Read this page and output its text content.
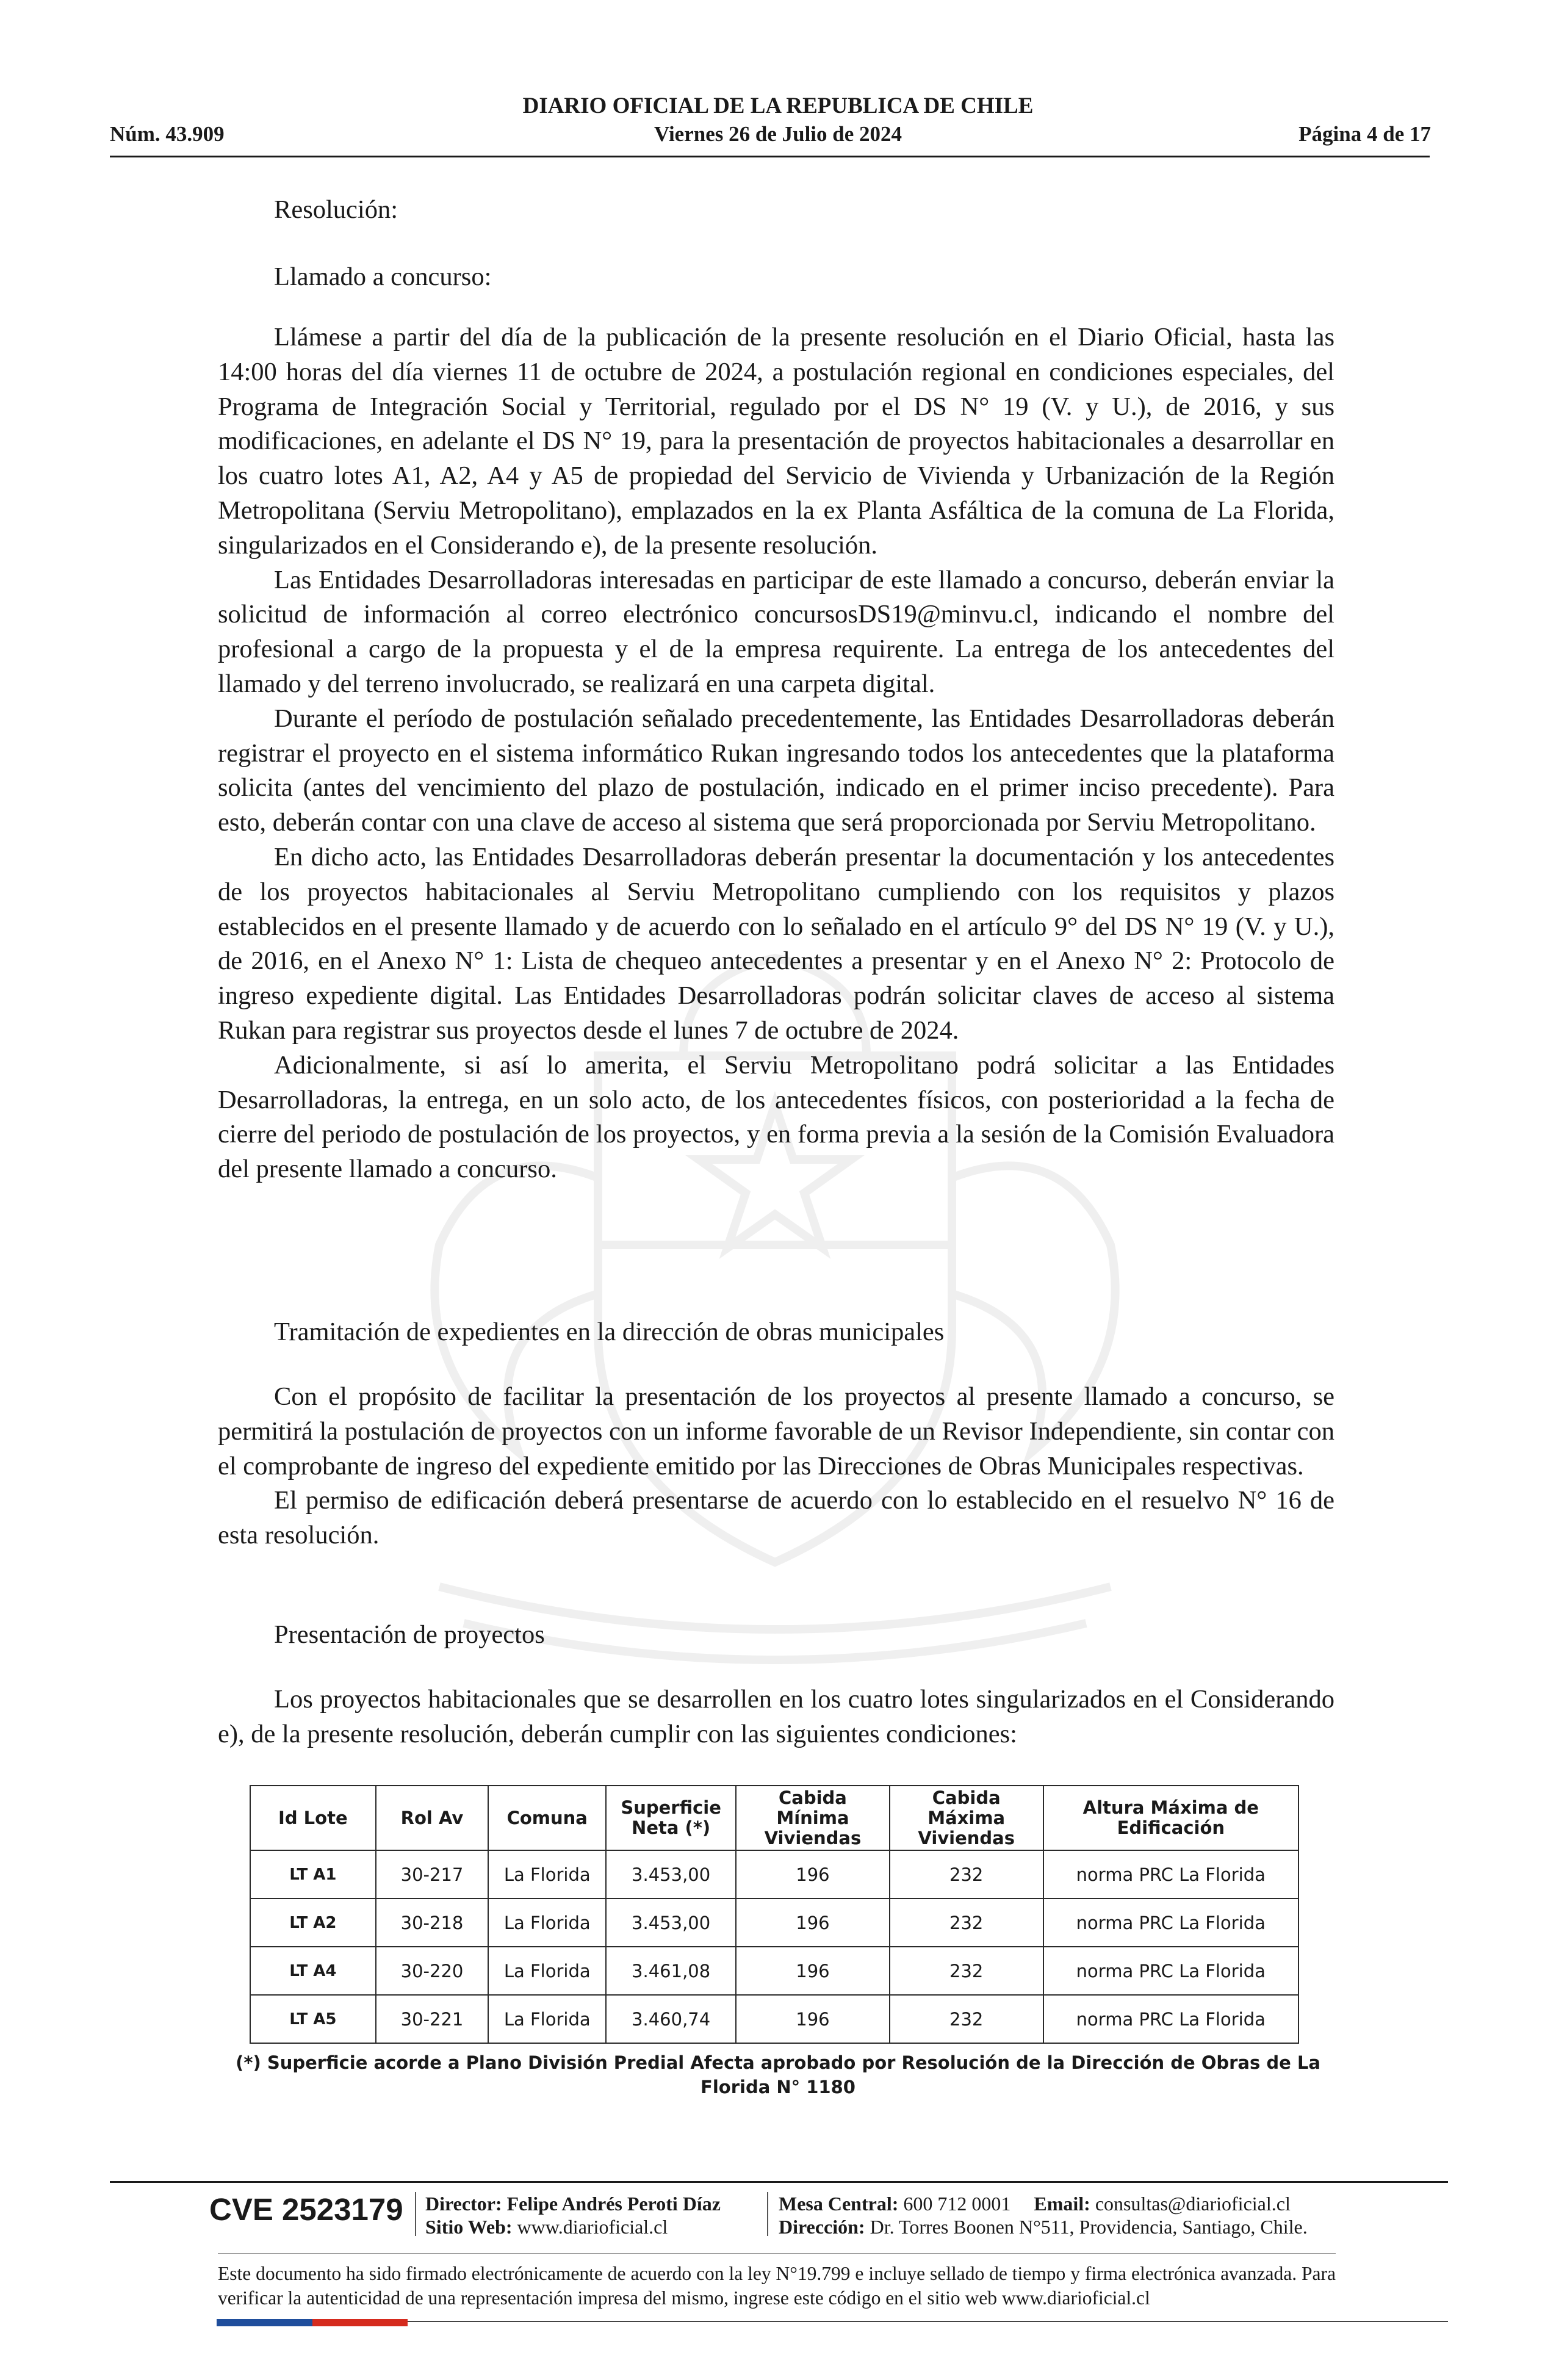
DIARIO OFICIAL DE LA REPUBLICA DE CHILE
Núm. 43.909	Viernes 26 de Julio de 2024	Página 4 de 17
Resolución:
Llamado a concurso:

Llámese a partir del día de la publicación de la presente resolución en el Diario Oficial, hasta las 14:00 horas del día viernes 11 de octubre de 2024, a postulación regional en condiciones especiales, del Programa de Integración Social y Territorial, regulado por el DS N° 19 (V. y U.), de 2016, y sus modificaciones, en adelante el DS N° 19, para la presentación de proyectos habitacionales a desarrollar en los cuatro lotes A1, A2, A4 y A5 de propiedad del Servicio de Vivienda y Urbanización de la Región Metropolitana (Serviu Metropolitano), emplazados en la ex Planta Asfáltica de la comuna de La Florida, singularizados en el Considerando e), de la presente resolución.

Las Entidades Desarrolladoras interesadas en participar de este llamado a concurso, deberán enviar la solicitud de información al correo electrónico concursosDS19@minvu.cl, indicando el nombre del profesional a cargo de la propuesta y el de la empresa requirente. La entrega de los antecedentes del llamado y del terreno involucrado, se realizará en una carpeta digital.

Durante el período de postulación señalado precedentemente, las Entidades Desarrolladoras deberán registrar el proyecto en el sistema informático Rukan ingresando todos los antecedentes que la plataforma solicita (antes del vencimiento del plazo de postulación, indicado en el primer inciso precedente). Para esto, deberán contar con una clave de acceso al sistema que será proporcionada por Serviu Metropolitano.

En dicho acto, las Entidades Desarrolladoras deberán presentar la documentación y los antecedentes de los proyectos habitacionales al Serviu Metropolitano cumpliendo con los requisitos y plazos establecidos en el presente llamado y de acuerdo con lo señalado en el artículo 9° del DS N° 19 (V. y U.), de 2016, en el Anexo N° 1: Lista de chequeo antecedentes a presentar y en el Anexo N° 2: Protocolo de ingreso expediente digital. Las Entidades Desarrolladoras podrán solicitar claves de acceso al sistema Rukan para registrar sus proyectos desde el lunes 7 de octubre de 2024.

Adicionalmente, si así lo amerita, el Serviu Metropolitano podrá solicitar a las Entidades Desarrolladoras, la entrega, en un solo acto, de los antecedentes físicos, con posterioridad a la fecha de cierre del periodo de postulación de los proyectos, y en forma previa a la sesión de la Comisión Evaluadora del presente llamado a concurso.

Tramitación de expedientes en la dirección de obras municipales

Con el propósito de facilitar la presentación de los proyectos al presente llamado a concurso, se permitirá la postulación de proyectos con un informe favorable de un Revisor Independiente, sin contar con el comprobante de ingreso del expediente emitido por las Direcciones de Obras Municipales respectivas.

El permiso de edificación deberá presentarse de acuerdo con lo establecido en el resuelvo N° 16 de esta resolución.

Presentación de proyectos

Los proyectos habitacionales que se desarrollen en los cuatro lotes singularizados en el Considerando e), de la presente resolución, deberán cumplir con las siguientes condiciones:

Id Lote	Rol Av	Comuna	Superficie Neta (*)	Cabida Mínima Viviendas	Cabida Máxima Viviendas	Altura Máxima de Edificación
LT A1	30-217	La Florida	3.453,00	196	232	norma PRC La Florida
LT A2	30-218	La Florida	3.453,00	196	232	norma PRC La Florida
LT A4	30-220	La Florida	3.461,08	196	232	norma PRC La Florida
LT A5	30-221	La Florida	3.460,74	196	232	norma PRC La Florida
(*) Superficie acorde a Plano División Predial Afecta aprobado por Resolución de la Dirección de Obras de La Florida N° 1180
CVE 2523179 Director: Felipe Andrés Peroti Díaz
Sitio Web: www.diarioficial.cl
Mesa Central: 600 712 0001 Email: consultas@diarioficial.cl
Dirección: Dr. Torres Boonen N°511, Providencia, Santiago, Chile.
Este documento ha sido firmado electrónicamente de acuerdo con la ley N°19.799 e incluye sellado de tiempo y firma electrónica avanzada. Para verificar la autenticidad de una representación impresa del mismo, ingrese este código en el sitio web www.diarioficial.cl
